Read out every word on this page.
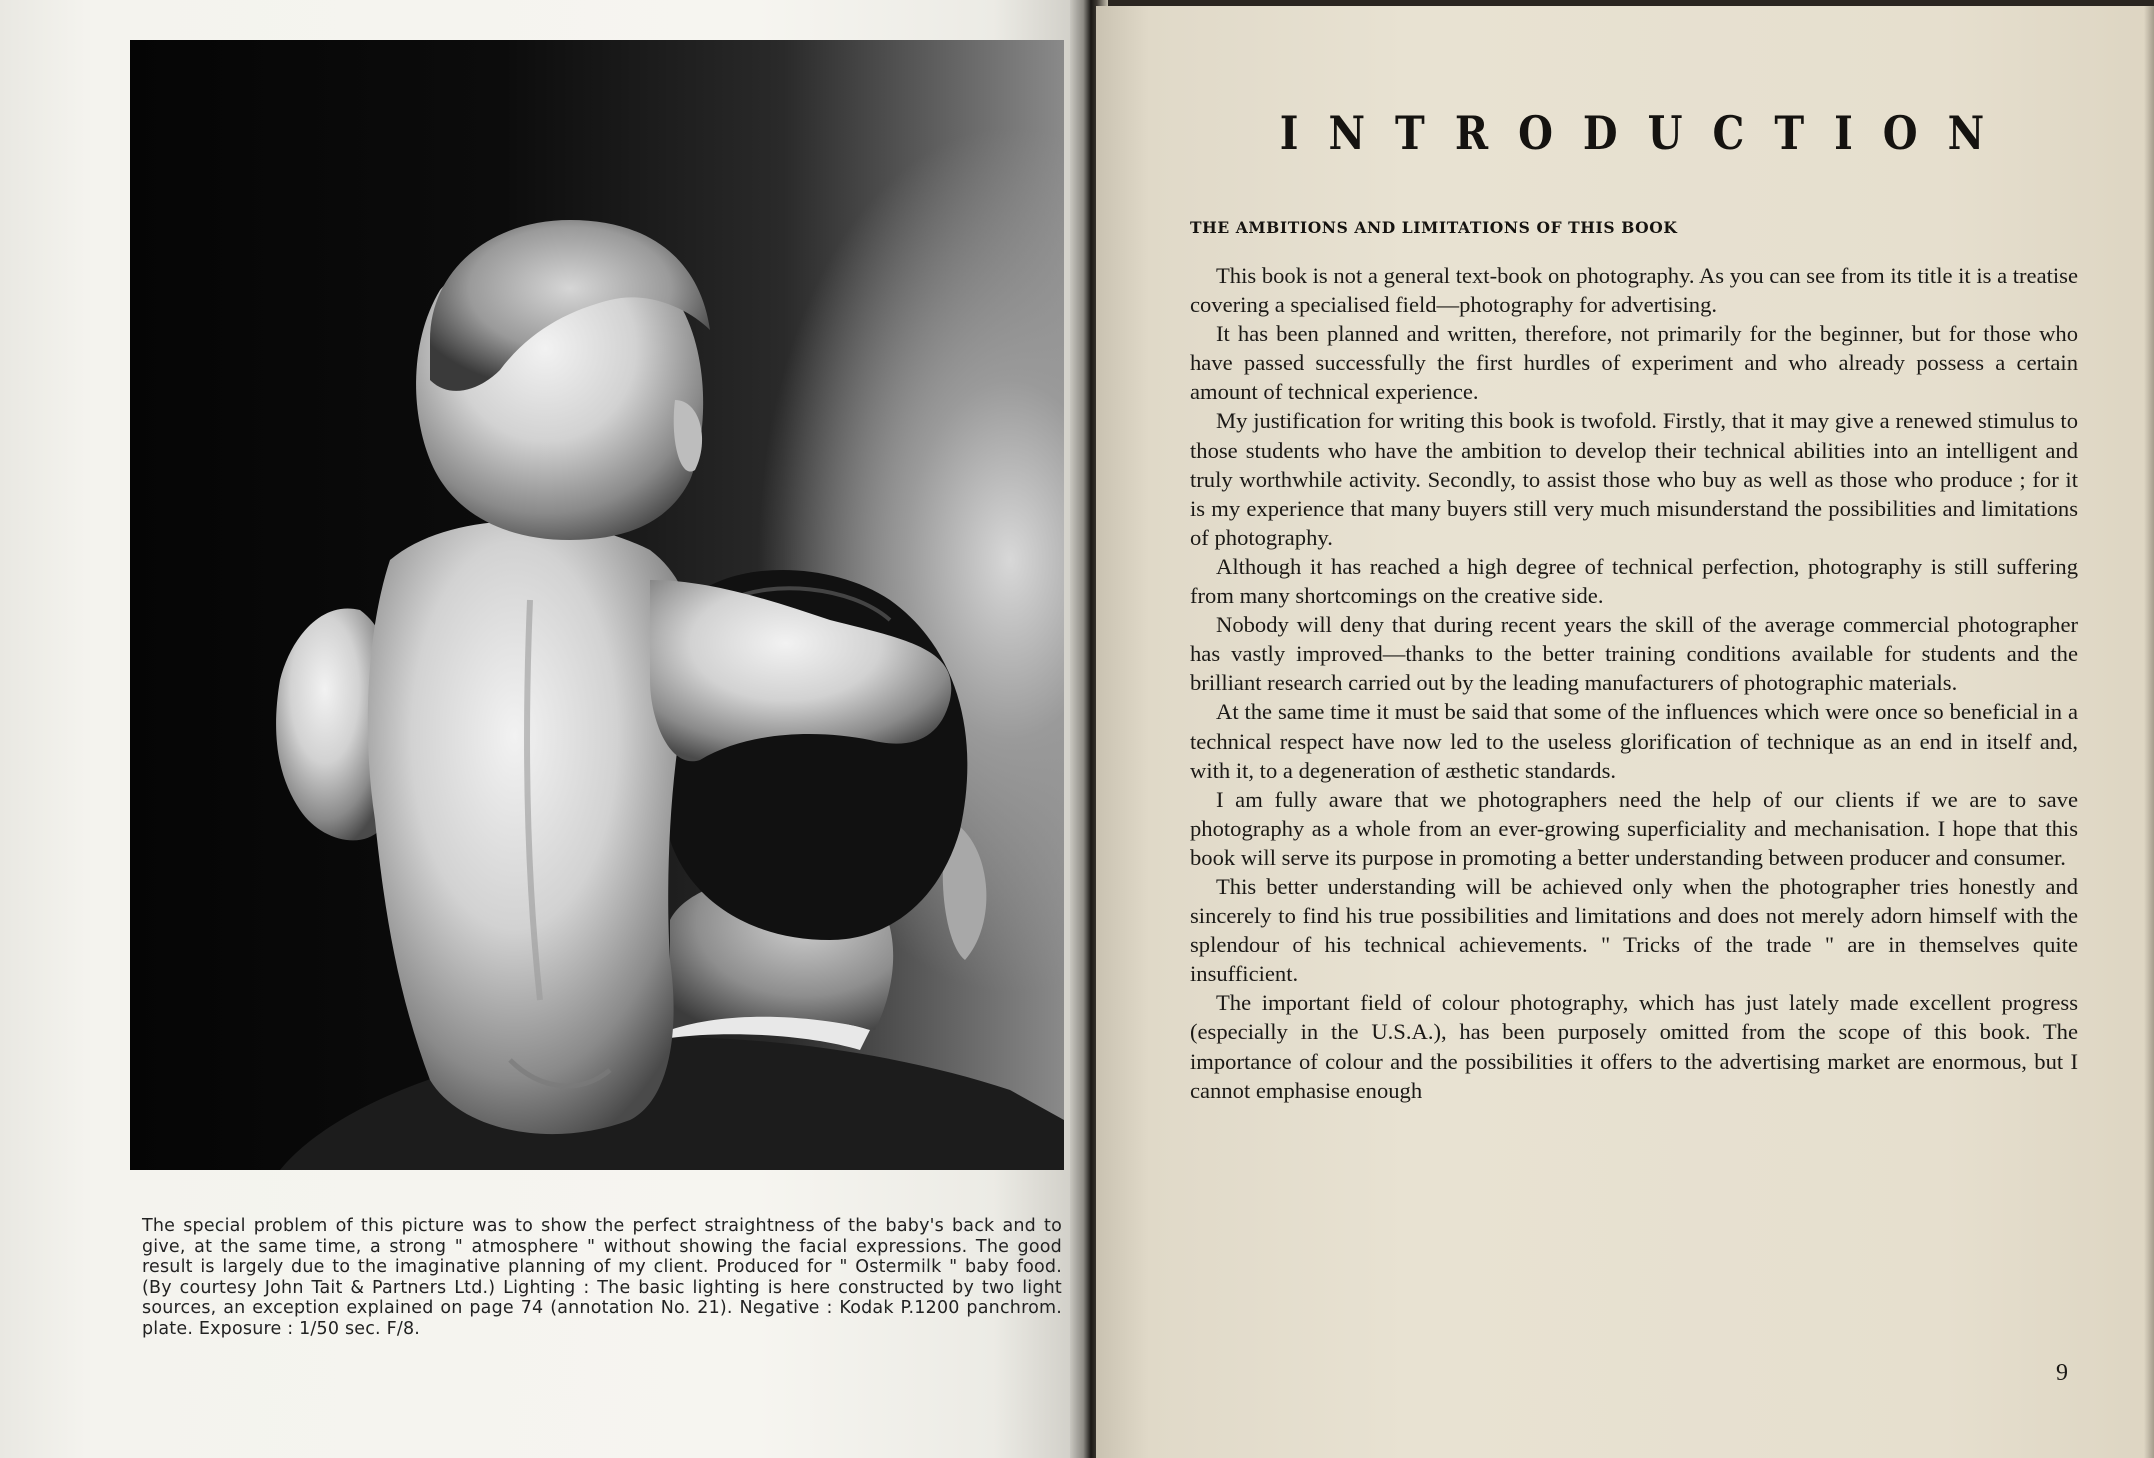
The special problem of this picture was to show the perfect straightness of the baby's back and to give, at the same time, a strong " atmosphere " without showing the facial expressions. The good result is largely due to the imaginative planning of my client. Produced for " Ostermilk " baby food. (By courtesy John Tait & Partners Ltd.) Lighting : The basic lighting is here constructed by two light sources, an exception explained on page 74 (annotation No. 21). Negative : Kodak P.1200 panchrom. plate. Exposure : 1/50 sec. F/8.
INTRODUCTION
THE AMBITIONS AND LIMITATIONS OF THIS BOOK

This book is not a general text-book on photography. As you can see from its title it is a treatise covering a specialised field—photography for advertising.

It has been planned and written, therefore, not primarily for the beginner, but for those who have passed successfully the first hurdles of experiment and who already possess a certain amount of technical experience.

My justification for writing this book is twofold. Firstly, that it may give a renewed stimulus to those students who have the ambition to develop their technical abilities into an intelligent and truly worthwhile activity. Secondly, to assist those who buy as well as those who produce ; for it is my experience that many buyers still very much misunderstand the possibilities and limitations of photography.

Although it has reached a high degree of technical perfection, photography is still suffering from many shortcomings on the creative side.

Nobody will deny that during recent years the skill of the average commercial photographer has vastly improved—thanks to the better training conditions available for students and the brilliant research carried out by the leading manufacturers of photographic materials.

At the same time it must be said that some of the influences which were once so beneficial in a technical respect have now led to the useless glorification of technique as an end in itself and, with it, to a degeneration of æsthetic standards.

I am fully aware that we photographers need the help of our clients if we are to save photography as a whole from an ever-growing superficiality and mechanisation. I hope that this book will serve its purpose in promoting a better understanding between producer and consumer.

This better understanding will be achieved only when the photographer tries honestly and sincerely to find his true possibilities and limitations and does not merely adorn himself with the splendour of his technical achievements. " Tricks of the trade " are in themselves quite insufficient.

The important field of colour photography, which has just lately made excellent progress (especially in the U.S.A.), has been purposely omitted from the scope of this book. The importance of colour and the possibilities it offers to the advertising market are enormous, but I cannot emphasise enough

9
